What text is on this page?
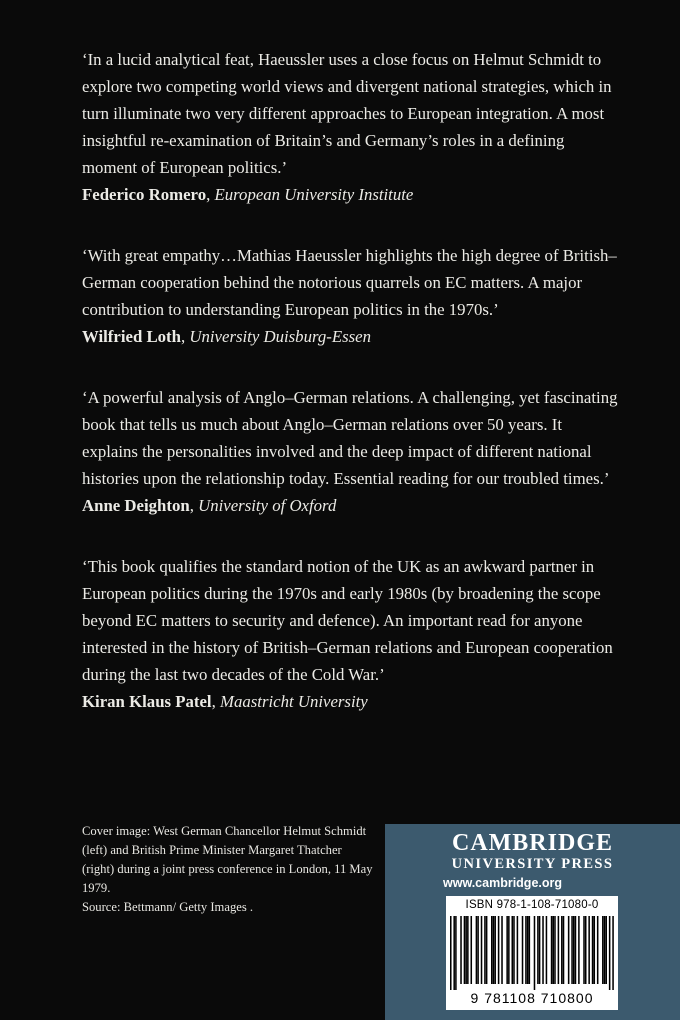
‘In a lucid analytical feat, Haeussler uses a close focus on Helmut Schmidt to explore two competing world views and divergent national strategies, which in turn illuminate two very different approaches to European integration. A most insightful re-examination of Britain’s and Germany’s roles in a defining moment of European politics.’

Federico Romero, European University Institute

‘With great empathy…Mathias Haeussler highlights the high degree of British–German cooperation behind the notorious quarrels on EC matters. A major contribution to understanding European politics in the 1970s.’

Wilfried Loth, University Duisburg-Essen

‘A powerful analysis of Anglo–German relations. A challenging, yet fascinating book that tells us much about Anglo–German relations over 50 years. It explains the personalities involved and the deep impact of different national histories upon the relationship today. Essential reading for our troubled times.’

Anne Deighton, University of Oxford

‘This book qualifies the standard notion of the UK as an awkward partner in European politics during the 1970s and early 1980s (by broadening the scope beyond EC matters to security and defence). An important read for anyone interested in the history of British–German relations and European cooperation during the last two decades of the Cold War.’

Kiran Klaus Patel, Maastricht University

Cover image: West German Chancellor Helmut Schmidt (left) and British Prime Minister Margaret Thatcher (right) during a joint press conference in London, 11 May 1979.

Source: Bettmann/ Getty Images .

CAMBRIDGE
UNIVERSITY PRESS
www.cambridge.org
ISBN 978-1-108-71080-0
9 781108 710800
